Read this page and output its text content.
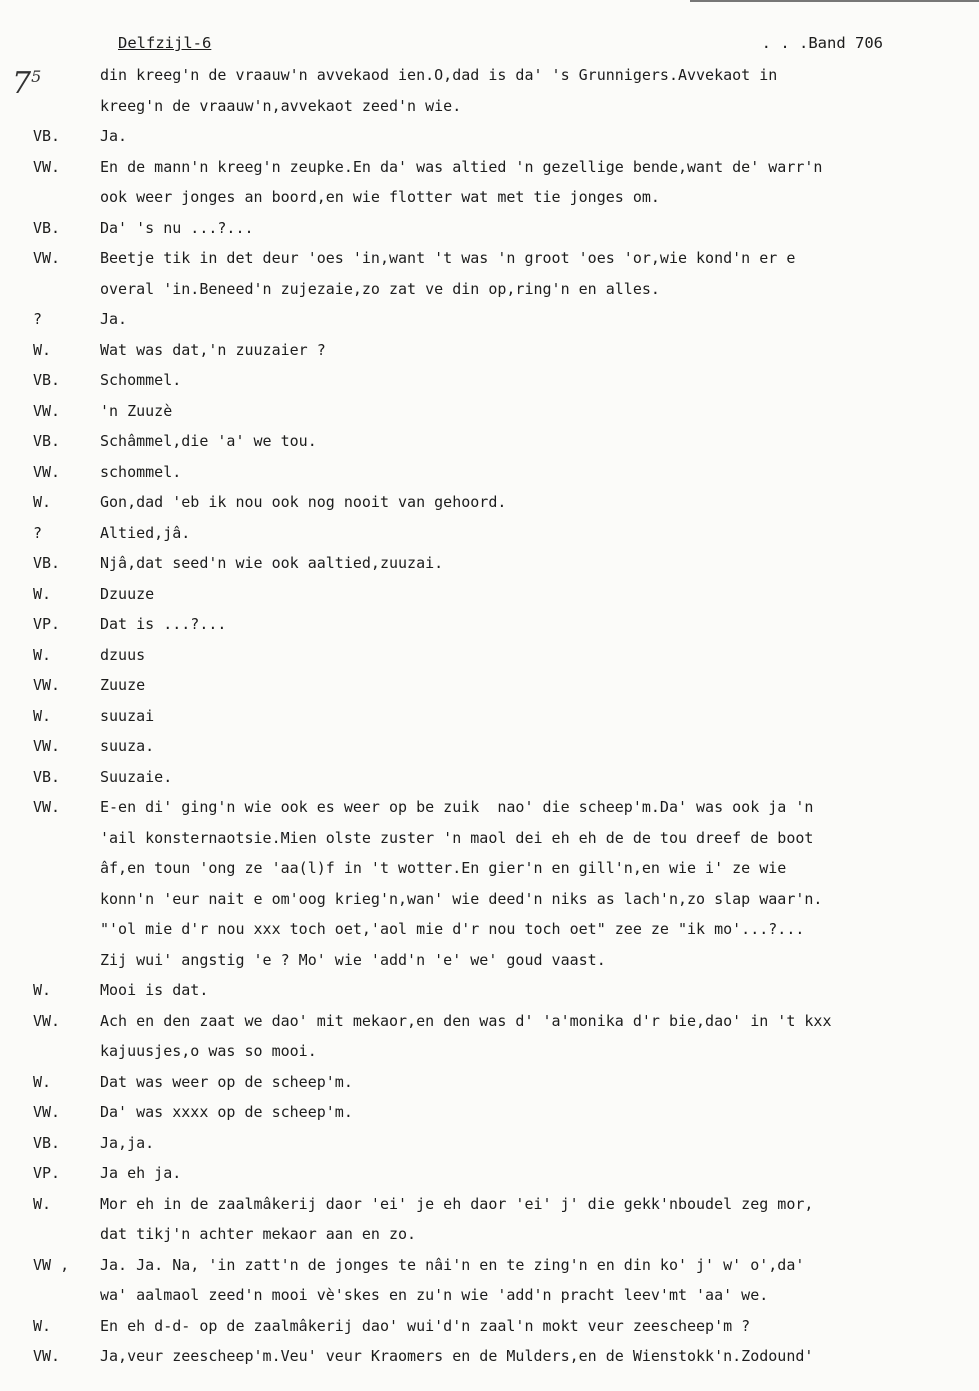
Delfzijl-6	. . .Band 706
$7^5$	din kreeg'n de vraauw'n avvekaod ien.O,dad is da' 's Grunnigers.Avvekaot in
kreeg'n de vraauw'n,avvekaot zeed'n wie.
VB.	Ja.
VW.	En de mann'n kreeg'n zeupke.En da' was altied 'n gezellige bende,want de' warr'n
ook weer jonges an boord,en wie flotter wat met tie jonges om.
VB.	Da' 's nu ...?...
VW.	Beetje tik in det deur 'oes 'in,want 't was 'n groot 'oes 'or,wie kond'n er e
overal 'in.Beneed'n zujezaie,zo zat ve din op,ring'n en alles.
?	Ja.
W.	Wat was dat,'n zuuzaier ?
VB.	Schommel.
VW.	'n Zuuzè
VB.	Schâmmel,die 'a' we tou.
VW.	schommel.
W.	Gon,dad 'eb ik nou ook nog nooit van gehoord.
?	Altied,jâ.
VB.	Njâ,dat seed'n wie ook aaltied,zuuzai.
W.	Dzuuze
VP.	Dat is ...?...
W.	dzuus
VW.	Zuuze
W.	suuzai
VW.	suuza.
VB.	Suuzaie.
VW.	E-en di' ging'n wie ook es weer op be zuik  nao' die scheep'm.Da' was ook ja 'n
'ail konsternaotsie.Mien olste zuster 'n maol dei eh eh de de tou dreef de boot
âf,en toun 'ong ze 'aa(l)f in 't wotter.En gier'n en gill'n,en wie i' ze wie
konn'n 'eur nait e om'oog krieg'n,wan' wie deed'n niks as lach'n,zo slap waar'n.
"'ol mie d'r nou xxx toch oet,'aol mie d'r nou toch oet" zee ze "ik mo'...?...
Zij wui' angstig 'e ? Mo' wie 'add'n 'e' we' goud vaast.
W.	Mooi is dat.
VW.	Ach en den zaat we dao' mit mekaor,en den was d' 'a'monika d'r bie,dao' in 't kxx
kajuusjes,o was so mooi.
W.	Dat was weer op de scheep'm.
VW.	Da' was xxxx op de scheep'm.
VB.	Ja,ja.
VP.	Ja eh ja.
W.	Mor eh in de zaalmâkerij daor 'ei' je eh daor 'ei' j' die gekk'nboudel zeg mor,
dat tikj'n achter mekaor aan en zo.
VW ,	Ja. Ja. Na, 'in zatt'n de jonges te nâi'n en te zing'n en din ko' j' w' o',da'
wa' aalmaol zeed'n mooi vè'skes en zu'n wie 'add'n pracht leev'mt 'aa' we.
W.	En eh d-d- op de zaalmâkerij dao' wui'd'n zaal'n mokt veur zeescheep'm ?
VW.	Ja,veur zeescheep'm.Veu' veur Kraomers en de Mulders,en de Wienstokk'n.Zodound'
